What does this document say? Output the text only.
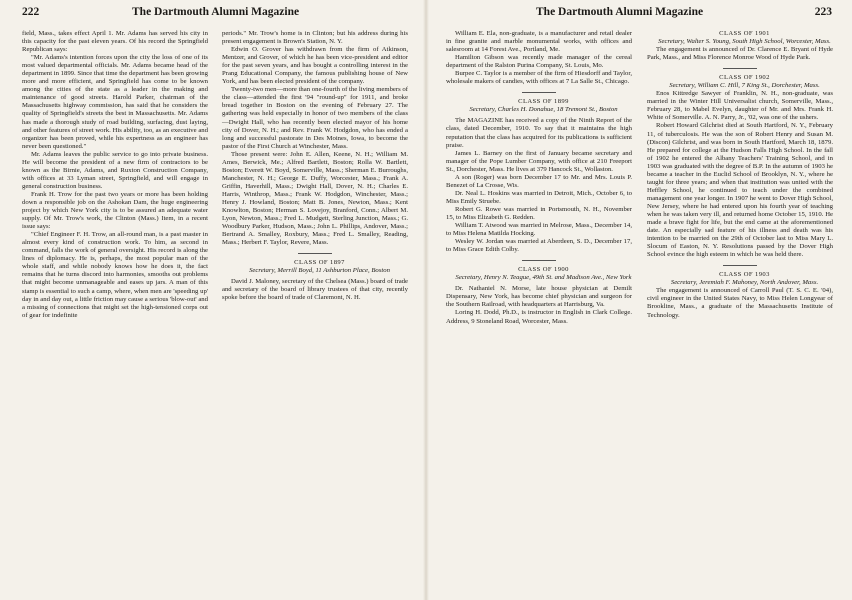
222	The Dartmouth Alumni Magazine

field, Mass., takes effect April 1. Mr. Adams has served his city in this capacity for the past eleven years. Of his record the Springfield Republican says:

"Mr. Adams's intention forces upon the city the loss of one of its most valued departmental officials. Mr. Adams became head of the department in 1899. Since that time the department has been growing more and more efficient, and Springfield has come to be known among the cities of the state as a leader in the making and maintenance of good streets. Harold Parker, chairman of the Massachusetts highway commission, has said that he considers the quality of Springfield's streets the best in Massachusetts. Mr. Adams has made a thorough study of road building, surfacing, dust laying, and other features of street work. His ability, too, as an executive and organizer has been proved, while his expertness as an engineer has never been questioned."

Mr. Adams leaves the public service to go into private business. He will become the president of a new firm of contractors to be known as the Birnie, Adams, and Ruxton Construction Company, with offices at 33 Lyman street, Springfield, and will engage in general construction business.

Frank H. Trow for the past two years or more has been holding down a responsible job on the Ashokan Dam, the huge engineering project by which New York city is to be assured an adequate water supply. Of Mr. Trow's work, the Clinton (Mass.) Item, in a recent issue says:

"Chief Engineer F. H. Trow, an all-round man, is a past master in almost every kind of construction work. To him, as second in command, falls the work of general oversight. His record is along the lines of diplomacy. He is, perhaps, the most popular man of the whole staff, and while nobody knows how he does it, the fact remains that he turns discord into harmonies, smooths out problems that might become unmanageable and eases up jars. A man of this stamp is essential to such a camp, where, when men are 'speeding up' day in and day out, a little friction may cause a serious 'blow-out' and a missing of connections that might set the high-tensioned corps out of gear for indefinite

periods." Mr. Trow's home is in Clinton; but his address during his present engagement is Brown's Station, N. Y.

Edwin O. Grover has withdrawn from the firm of Atkinson, Mentzer, and Grover, of which he has been vice-president and editor for the past seven years, and has bought a controlling interest in the Prang Educational Company, the famous publishing house of New York, and has been elected president of the company.

Twenty-two men—more than one-fourth of the living members of the class—attended the first '94 "round-up" for 1911, and broke bread together in Boston on the evening of February 27. The gathering was held especially in honor of two members of the class—Dwight Hall, who has recently been elected mayor of his home city of Dover, N. H.; and Rev. Frank W. Hodgdon, who has ended a long and successful pastorate in Des Moines, Iowa, to become the pastor of the First Church at Winchester, Mass.

Those present were: John E. Allen, Keene, N. H.; William M. Ames, Berwick, Me.; Alfred Bartlett, Boston; Rolla W. Bartlett, Boston; Everett W. Boyd, Somerville, Mass.; Sherman E. Burroughs, Manchester, N. H.; George E. Duffy, Worcester, Mass.; Frank A. Griffin, Haverhill, Mass.; Dwight Hall, Dover, N. H.; Charles E. Harris, Winthrop, Mass.; Frank W. Hodgdon, Winchester, Mass.; Henry J. Howland, Boston; Matt B. Jones, Newton, Mass.; Kent Knowlton, Boston; Herman S. Lovejoy, Branford, Conn.; Albert M. Lyon, Newton, Mass.; Fred L. Mudgett, Sterling Junction, Mass.; G. Woodbury Parker, Hudson, Mass.; John L. Phillips, Andover, Mass.; Bertrand A. Smalley, Roxbury, Mass.; Fred L. Smalley, Reading, Mass.; Herbert F. Taylor, Revere, Mass.

CLASS OF 1897

Secretary, Merrill Boyd, 11 Ashburton Place, Boston

David J. Maloney, secretary of the Chelsea (Mass.) board of trade and secretary of the board of library trustees of that city, recently spoke before the board of trade of Claremont, N. H.

The Dartmouth Alumni Magazine	223

William E. Ela, non-graduate, is a manufacturer and retail dealer in fine granite and marble monumental works, with offices and salesroom at 14 Forest Ave., Portland, Me.

Hamilton Gibson was recently made manager of the cereal department of the Ralston Purina Company, St. Louis, Mo.

Burpee C. Taylor is a member of the firm of Hiesdorff and Taylor, wholesale makers of candies, with offices at 7 La Salle St., Chicago.

CLASS OF 1899

Secretary, Charles H. Donahue, 18 Tremont St., Boston

The MAGAZINE has received a copy of the Ninth Report of the class, dated December, 1910. To say that it maintains the high reputation that the class has acquired for its publications is sufficient praise.

James L. Barney on the first of January became secretary and manager of the Pope Lumber Company, with office at 210 Freeport St., Dorchester, Mass. He lives at 379 Hancock St., Wollaston.

A son (Roger) was born December 17 to Mr. and Mrs. Louis P. Benezet of La Crosse, Wis.

Dr. Neal L. Hoskins was married in Detroit, Mich., October 6, to Miss Emily Struebe.

Robert G. Rowe was married in Portsmouth, N. H., November 15, to Miss Elizabeth G. Redden.

William T. Atwood was married in Melrose, Mass., December 14, to Miss Helena Matilda Hocking.

Wesley W. Jordan was married at Aberdeen, S. D., December 17, to Miss Grace Edith Colby.

CLASS OF 1900

Secretary, Henry N. Teague, 49th St. and Madison Ave., New York

Dr. Nathaniel N. Morse, late house physician at Demilt Dispensary, New York, has become chief physician and surgeon for the Southern Railroad, with headquarters at Harrisburg, Va.

Loring H. Dodd, Ph.D., is instructor in English in Clark College. Address, 9 Stoneland Road, Worcester, Mass.

CLASS OF 1901

Secretary, Walter S. Young, South High School, Worcester, Mass.

The engagement is announced of Dr. Clarence E. Bryant of Hyde Park, Mass., and Miss Florence Monroe Wood of Hyde Park.

CLASS OF 1902

Secretary, William C. Hill, 7 King St., Dorchester, Mass.

Enos Kittredge Sawyer of Franklin, N. H., non-graduate, was married in the Winter Hill Universalist church, Somerville, Mass., February 28, to Mabel Evelyn, daughter of Mr. and Mrs. Frank H. White of Somerville. A. N. Parry, Jr., '02, was one of the ushers.

Robert Howard Gilchrist died at South Hartford, N. Y., February 11, of tuberculosis. He was the son of Robert Henry and Susan M. (Discon) Gilchrist, and was born in South Hartford, March 18, 1879. He prepared for college at the Hudson Falls High School. In the fall of 1902 he entered the Albany Teachers' Training School, and in 1903 was graduated with the degree of B.P. In the autumn of 1903 he became a teacher in the Euclid School of Brooklyn, N. Y., where he taught for three years; and when that institution was united with the Heffley School, he continued to teach under the combined management one year longer. In 1907 he went to Dover High School, New Jersey, where he had entered upon his fourth year of teaching when he was taken very ill, and returned home October 15, 1910. He made a brave fight for life, but the end came at the aforementioned date. An especially sad feature of his illness and death was his intention to be married on the 29th of October last to Miss Mary L. Slocum of Easton, N. Y. Resolutions passed by the Dover High School evince the high esteem in which he was held there.

CLASS OF 1903

Secretary, Jeremiah F. Mahoney, North Andover, Mass.

The engagement is announced of Carroll Paul (T. S. C. E. '04), civil engineer in the United States Navy, to Miss Helen Longyear of Brookline, Mass., a graduate of the Massachusetts Institute of Technology.
